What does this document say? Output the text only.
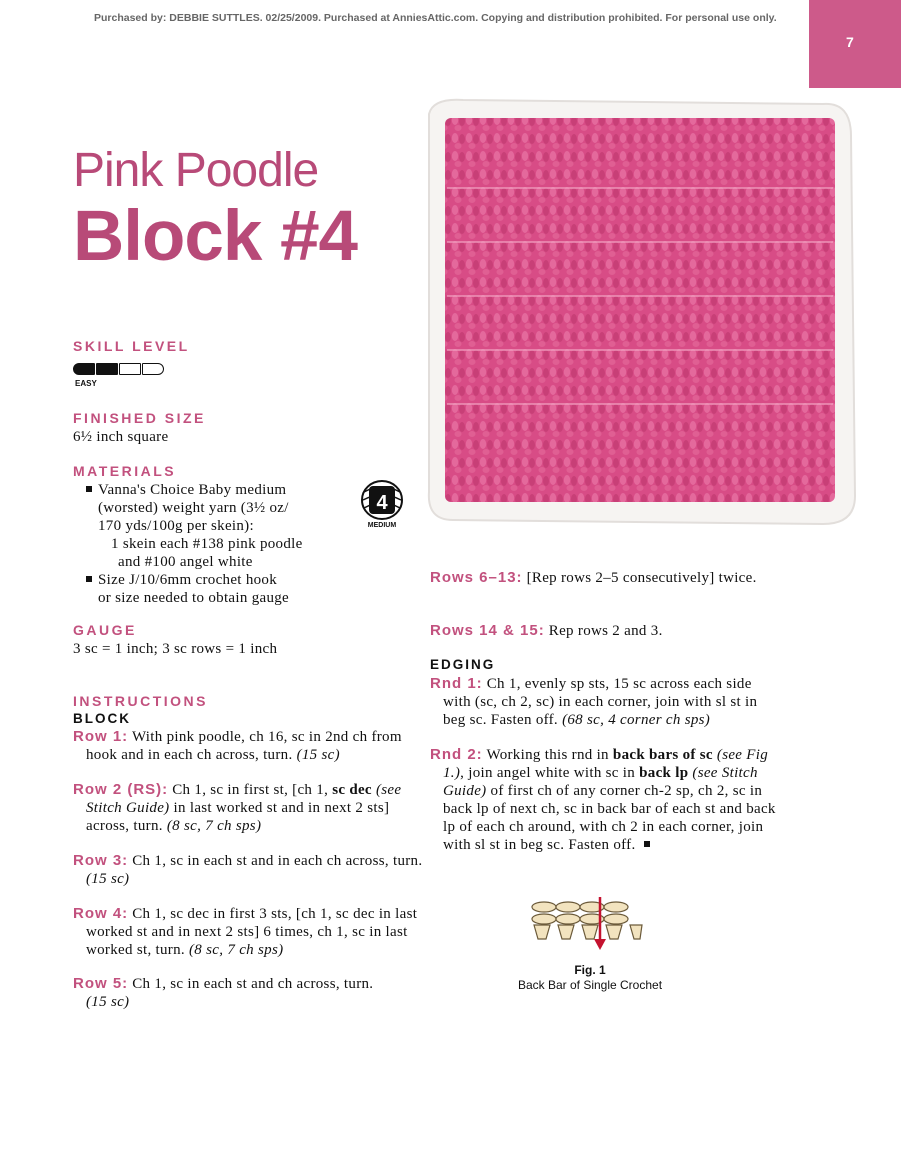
Purchased by: DEBBIE SUTTLES. 02/25/2009. Purchased at AnniesAttic.com. Copying and distribution prohibited. For personal use only.
7
Pink Poodle
Block #4
SKILL LEVEL
EASY
FINISHED SIZE
6½ inch square
MATERIALS
Vanna's Choice Baby medium
(worsted) weight yarn (3½ oz/
170 yds/100g per skein):
1 skein each #138 pink poodle
and #100 angel white
Size J/10/6mm crochet hook
or size needed to obtain gauge
4
MEDIUM
GAUGE
3 sc = 1 inch; 3 sc rows = 1 inch
INSTRUCTIONS
BLOCK
Row 1: With pink poodle, ch 16, sc in 2nd ch from hook and in each ch across, turn. (15 sc)
Row 2 (RS): Ch 1, sc in first st, [ch 1, sc dec (see Stitch Guide) in last worked st and in next 2 sts] across, turn. (8 sc, 7 ch sps)
Row 3: Ch 1, sc in each st and in each ch across, turn. (15 sc)
Row 4: Ch 1, sc dec in first 3 sts, [ch 1, sc dec in last worked st and in next 2 sts] 6 times, ch 1, sc in last worked st, turn. (8 sc, 7 ch sps)
Row 5: Ch 1, sc in each st and ch across, turn. (15 sc)
Rows 6–13: [Rep rows 2–5 consecutively] twice.
Rows 14 & 15: Rep rows 2 and 3.
EDGING
Rnd 1: Ch 1, evenly sp sts, 15 sc across each side with (sc, ch 2, sc) in each corner, join with sl st in beg sc. Fasten off. (68 sc, 4 corner ch sps)
Rnd 2: Working this rnd in back bars of sc (see Fig 1.), join angel white with sc in back lp (see Stitch Guide) of first ch of any corner ch-2 sp, ch 2, sc in back lp of next ch, sc in back bar of each st and back lp of each ch around, with ch 2 in each corner, join with sl st in beg sc. Fasten off.
Fig. 1
Back Bar of Single Crochet
